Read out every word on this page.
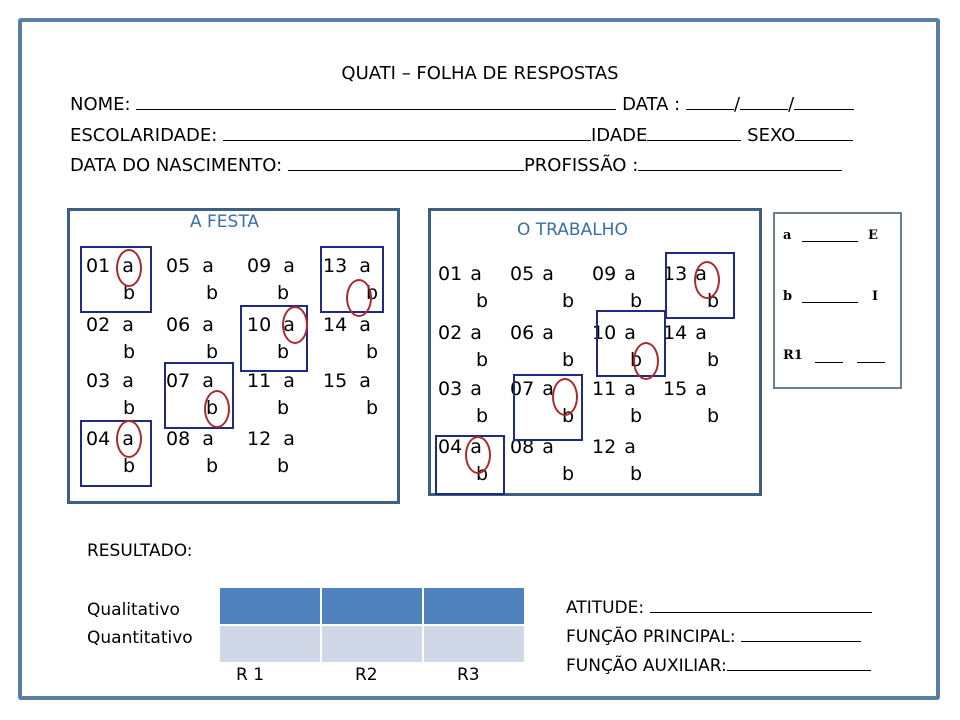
QUATI – FOLHA DE RESPOSTAS
NOME:	DATA :	/	/
ESCOLARIDADE:	IDADE	SEXO
DATA DO NASCIMENTO:	PROFISSÃO :
A FESTA
01 a
b
05 a
b
09 a
b
13 a
b
02 a
b
06 a
b
10 a
b
14 a
b
03 a
b
07 a
b
11 a
b
15 a
b
04 a
b
08 a
b
12 a
b
O TRABALHO
01 a
b
05 a
b
09 a
b
13 a
b
02 a
b
06 a
b
10 a
b
14 a
b
03 a
b
07 a
b
11 a
b
15 a
b
04 a
b
08 a
b
12 a
b
a	E
b	I
R1
RESULTADO:
Qualitativo
Quantitativo

R 1	R2	R3
ATITUDE:
FUNÇÃO PRINCIPAL:
FUNÇÃO AUXILIAR:
